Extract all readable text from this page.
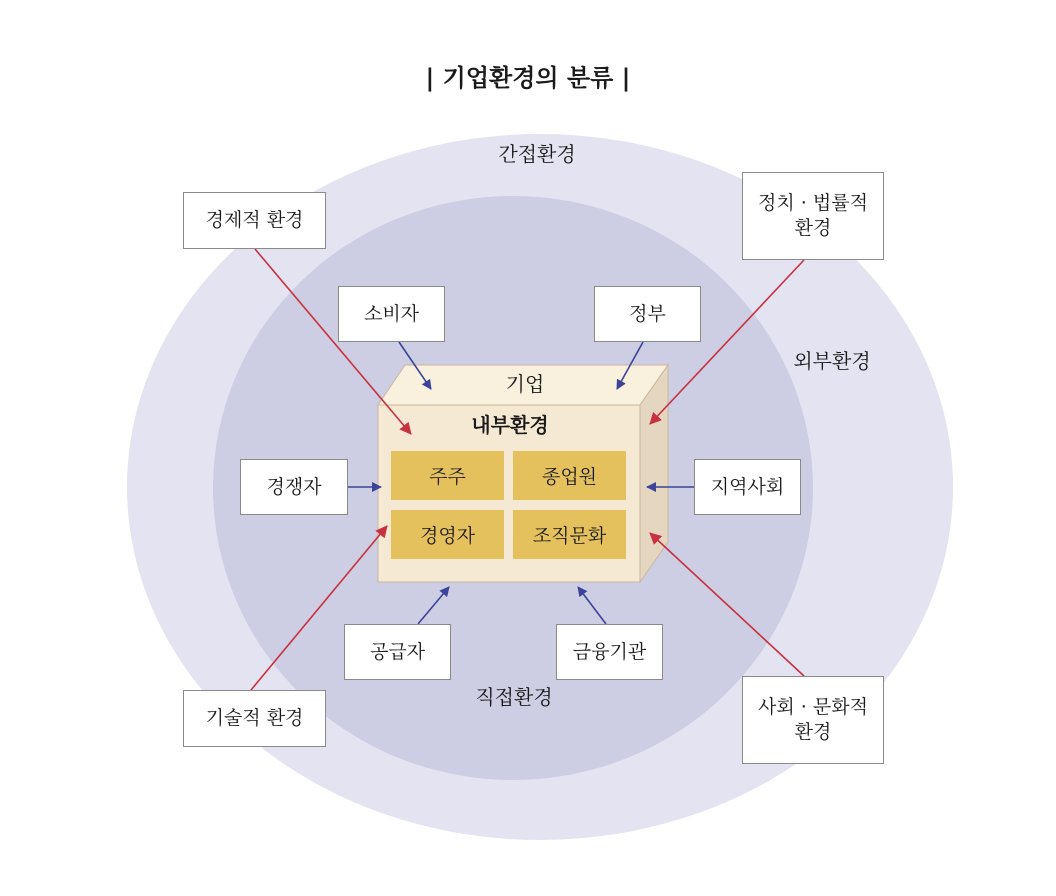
| 기업환경의 분류 |
간접환경
외부환경
직접환경
기업
내부환경
주주	종업원
경영자	조직문화
소비자	정부
경쟁자	지역사회
공급자	금융기관
경제적 환경
정치 · 법률적
환경
기술적 환경	사회 · 문화적
환경
